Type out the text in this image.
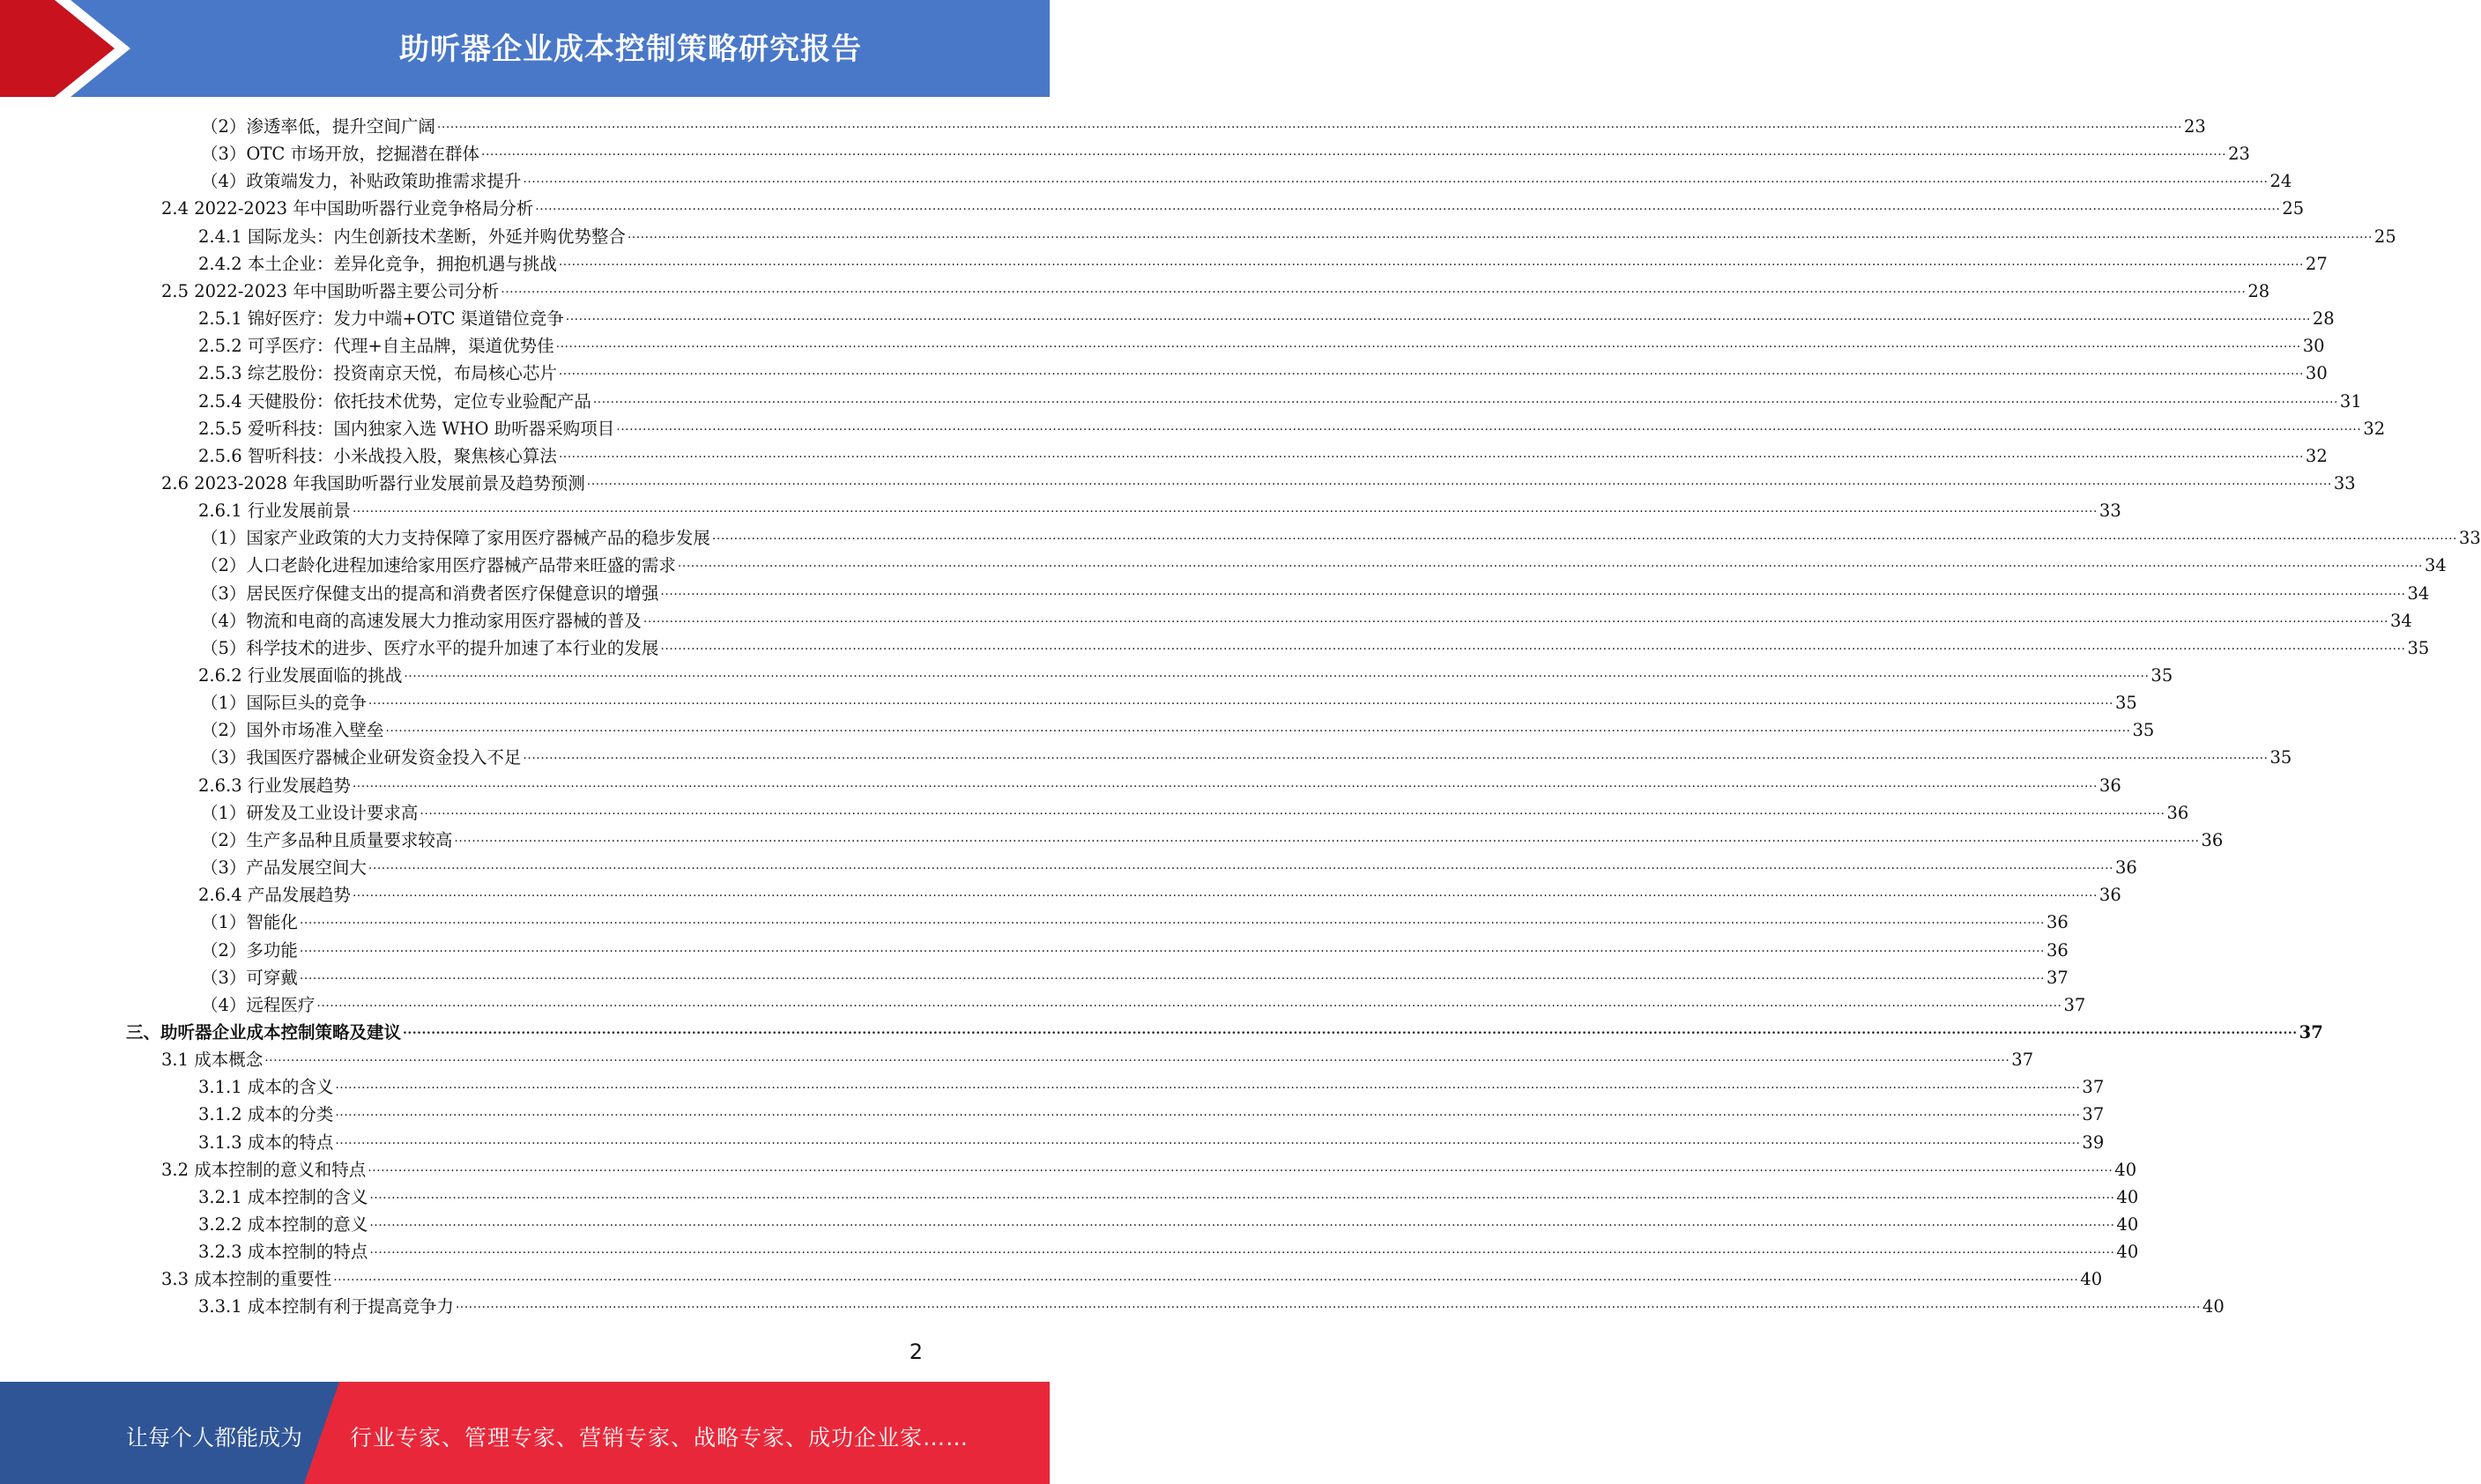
助听器企业成本控制策略研究报告
（2）渗透率低，提升空间广阔 ................................................................................................................................................................................................................................................................................................................................................................................................................ 23
（3）OTC 市场开放，挖掘潜在群体 ................................................................................................................................................................................................................................................................................................................................................................................................................ 23
（4）政策端发力，补贴政策助推需求提升 ................................................................................................................................................................................................................................................................................................................................................................................................................ 24
2.4 2022-2023 年中国助听器行业竞争格局分析 ................................................................................................................................................................................................................................................................................................................................................................................................................ 25
2.4.1 国际龙头：内生创新技术垄断，外延并购优势整合 ................................................................................................................................................................................................................................................................................................................................................................................................................ 25
2.4.2 本土企业：差异化竞争，拥抱机遇与挑战 ................................................................................................................................................................................................................................................................................................................................................................................................................ 27
2.5 2022-2023 年中国助听器主要公司分析 ................................................................................................................................................................................................................................................................................................................................................................................................................ 28
2.5.1 锦好医疗：发力中端+OTC 渠道错位竞争 ................................................................................................................................................................................................................................................................................................................................................................................................................ 28
2.5.2 可孚医疗：代理+自主品牌，渠道优势佳 ................................................................................................................................................................................................................................................................................................................................................................................................................ 30
2.5.3 综艺股份：投资南京天悦，布局核心芯片 ................................................................................................................................................................................................................................................................................................................................................................................................................ 30
2.5.4 天健股份：依托技术优势，定位专业验配产品 ................................................................................................................................................................................................................................................................................................................................................................................................................ 31
2.5.5 爱听科技：国内独家入选 WHO 助听器采购项目 ................................................................................................................................................................................................................................................................................................................................................................................................................ 32
2.5.6 智听科技：小米战投入股，聚焦核心算法 ................................................................................................................................................................................................................................................................................................................................................................................................................ 32
2.6 2023-2028 年我国助听器行业发展前景及趋势预测 ................................................................................................................................................................................................................................................................................................................................................................................................................ 33
2.6.1 行业发展前景 ................................................................................................................................................................................................................................................................................................................................................................................................................ 33
（1）国家产业政策的大力支持保障了家用医疗器械产品的稳步发展 ................................................................................................................................................................................................................................................................................................................................................................................................................ 33
（2）人口老龄化进程加速给家用医疗器械产品带来旺盛的需求 ................................................................................................................................................................................................................................................................................................................................................................................................................ 34
（3）居民医疗保健支出的提高和消费者医疗保健意识的增强 ................................................................................................................................................................................................................................................................................................................................................................................................................ 34
（4）物流和电商的高速发展大力推动家用医疗器械的普及 ................................................................................................................................................................................................................................................................................................................................................................................................................ 34
（5）科学技术的进步、医疗水平的提升加速了本行业的发展 ................................................................................................................................................................................................................................................................................................................................................................................................................ 35
2.6.2 行业发展面临的挑战 ................................................................................................................................................................................................................................................................................................................................................................................................................ 35
（1）国际巨头的竞争 ................................................................................................................................................................................................................................................................................................................................................................................................................ 35
（2）国外市场准入壁垒 ................................................................................................................................................................................................................................................................................................................................................................................................................ 35
（3）我国医疗器械企业研发资金投入不足 ................................................................................................................................................................................................................................................................................................................................................................................................................ 35
2.6.3 行业发展趋势 ................................................................................................................................................................................................................................................................................................................................................................................................................ 36
（1）研发及工业设计要求高 ................................................................................................................................................................................................................................................................................................................................................................................................................ 36
（2）生产多品种且质量要求较高 ................................................................................................................................................................................................................................................................................................................................................................................................................ 36
（3）产品发展空间大 ................................................................................................................................................................................................................................................................................................................................................................................................................ 36
2.6.4 产品发展趋势 ................................................................................................................................................................................................................................................................................................................................................................................................................ 36
（1）智能化 ................................................................................................................................................................................................................................................................................................................................................................................................................ 36
（2）多功能 ................................................................................................................................................................................................................................................................................................................................................................................................................ 36
（3）可穿戴 ................................................................................................................................................................................................................................................................................................................................................................................................................ 37
（4）远程医疗 ................................................................................................................................................................................................................................................................................................................................................................................................................ 37
三、助听器企业成本控制策略及建议 ................................................................................................................................................................................................................................................................................................................................................................................................................ 37
3.1 成本概念 ................................................................................................................................................................................................................................................................................................................................................................................................................ 37
3.1.1 成本的含义 ................................................................................................................................................................................................................................................................................................................................................................................................................ 37
3.1.2 成本的分类 ................................................................................................................................................................................................................................................................................................................................................................................................................ 37
3.1.3 成本的特点 ................................................................................................................................................................................................................................................................................................................................................................................................................ 39
3.2 成本控制的意义和特点 ................................................................................................................................................................................................................................................................................................................................................................................................................ 40
3.2.1 成本控制的含义 ................................................................................................................................................................................................................................................................................................................................................................................................................ 40
3.2.2 成本控制的意义 ................................................................................................................................................................................................................................................................................................................................................................................................................ 40
3.2.3 成本控制的特点 ................................................................................................................................................................................................................................................................................................................................................................................................................ 40
3.3 成本控制的重要性 ................................................................................................................................................................................................................................................................................................................................................................................................................ 40
3.3.1 成本控制有利于提高竞争力 ................................................................................................................................................................................................................................................................................................................................................................................................................ 40
2
让每个人都能成为 行业专家、管理专家、营销专家、战略专家、成功企业家……
